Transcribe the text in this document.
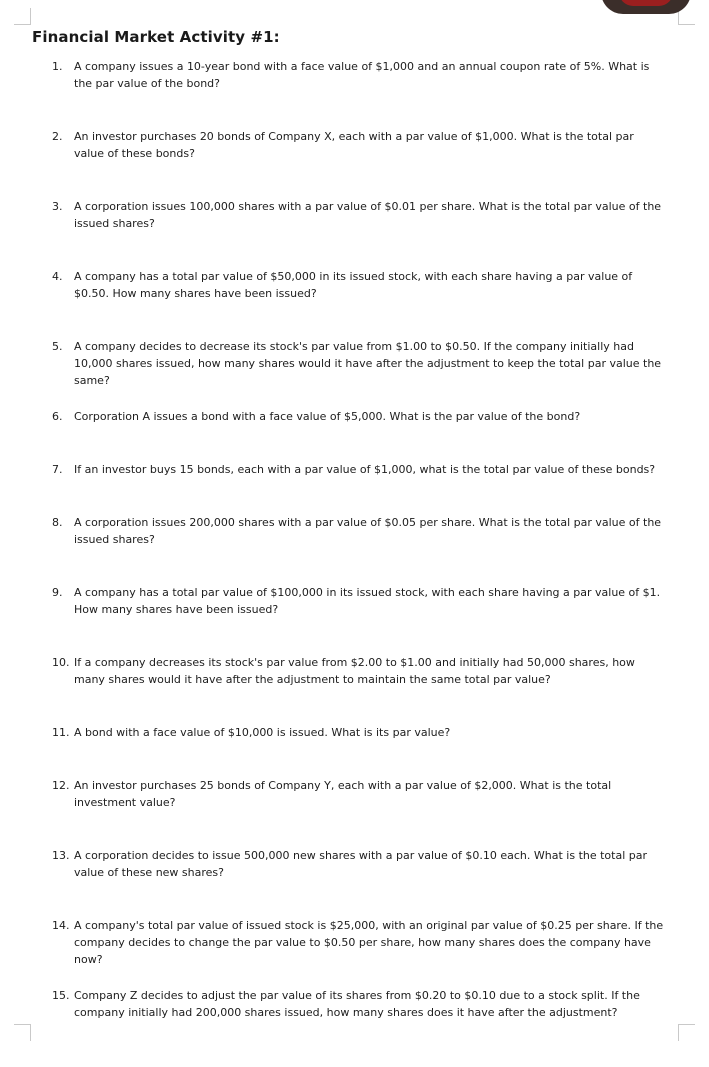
Financial Market Activity #1:
1.	A company issues a 10-year bond with a face value of $1,000 and an annual coupon rate of 5%. What is the par value of the bond?
2.	An investor purchases 20 bonds of Company X, each with a par value of $1,000. What is the total par value of these bonds?
3.	A corporation issues 100,000 shares with a par value of $0.01 per share. What is the total par value of the issued shares?
4.	A company has a total par value of $50,000 in its issued stock, with each share having a par value of $0.50. How many shares have been issued?
5.	A company decides to decrease its stock's par value from $1.00 to $0.50. If the company initially had 10,000 shares issued, how many shares would it have after the adjustment to keep the total par value the same?
6.	Corporation A issues a bond with a face value of $5,000. What is the par value of the bond?
7.	If an investor buys 15 bonds, each with a par value of $1,000, what is the total par value of these bonds?
8.	A corporation issues 200,000 shares with a par value of $0.05 per share. What is the total par value of the issued shares?
9.	A company has a total par value of $100,000 in its issued stock, with each share having a par value of $1. How many shares have been issued?
10. If a company decreases its stock's par value from $2.00 to $1.00 and initially had 50,000 shares, how many shares would it have after the adjustment to maintain the same total par value?
11. A bond with a face value of $10,000 is issued. What is its par value?
12. An investor purchases 25 bonds of Company Y, each with a par value of $2,000. What is the total investment value?
13. A corporation decides to issue 500,000 new shares with a par value of $0.10 each. What is the total par value of these new shares?
14. A company's total par value of issued stock is $25,000, with an original par value of $0.25 per share. If the company decides to change the par value to $0.50 per share, how many shares does the company have now?
15. Company Z decides to adjust the par value of its shares from $0.20 to $0.10 due to a stock split. If the company initially had 200,000 shares issued, how many shares does it have after the adjustment?
